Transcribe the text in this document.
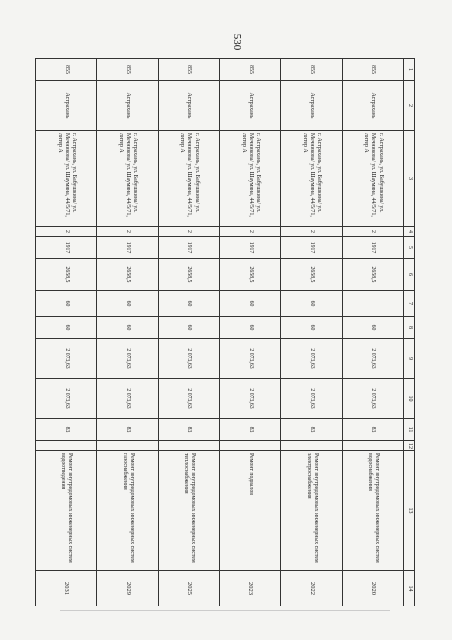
530
1	2	3	4	5	6	7	8	9	10	11	12	13	14
855	Астрахань	г. Астрахань, ул. Бабушкина/ ул. Мечникова/ ул. Шаумяна, 44/5/71, литер А	2	1917	2658,5		60	2 073,63	2 073,63	83		Ремонт внутридомовых инженерных систем водоснабжения	2020
855	Астрахань	г. Астрахань, ул. Бабушкина/ ул. Мечникова/ ул. Шаумяна, 44/5/71, литер А	2	1917	2658,5	60	60	2 073,63	2 073,63	83		Ремонт внутридомовых инженерных систем электроснабжения	2022
855	Астрахань	г. Астрахань, ул. Бабушкина/ ул. Мечникова/ ул. Шаумяна, 44/5/71, литер А	2	1917	2658,5	60	60	2 073,63	2 073,63	83		Ремонт подвалов	2023
855	Астрахань	г. Астрахань, ул. Бабушкина/ ул. Мечникова/ ул. Шаумяна, 44/5/71, литер А	2	1917	2658,5	60	60	2 073,63	2 073,63	83		Ремонт внутридомовых инженерных систем теплоснабжения	2025
855	Астрахань	г. Астрахань, ул. Бабушкина/ ул. Мечникова/ ул. Шаумяна, 44/5/71, литер А	2	1917	2658,5	60	60	2 073,63	2 073,63	83		Ремонт внутридомовых инженерных систем газоснабжения	2029
855	Астрахань	г. Астрахань, ул. Бабушкина/ ул. Мечникова/ ул. Шаумяна, 44/5/71, литер А	2	1917	2658,5	60	60	2 073,63	2 073,63	83		Ремонт внутридомовых инженерных систем водоотведения	2031
